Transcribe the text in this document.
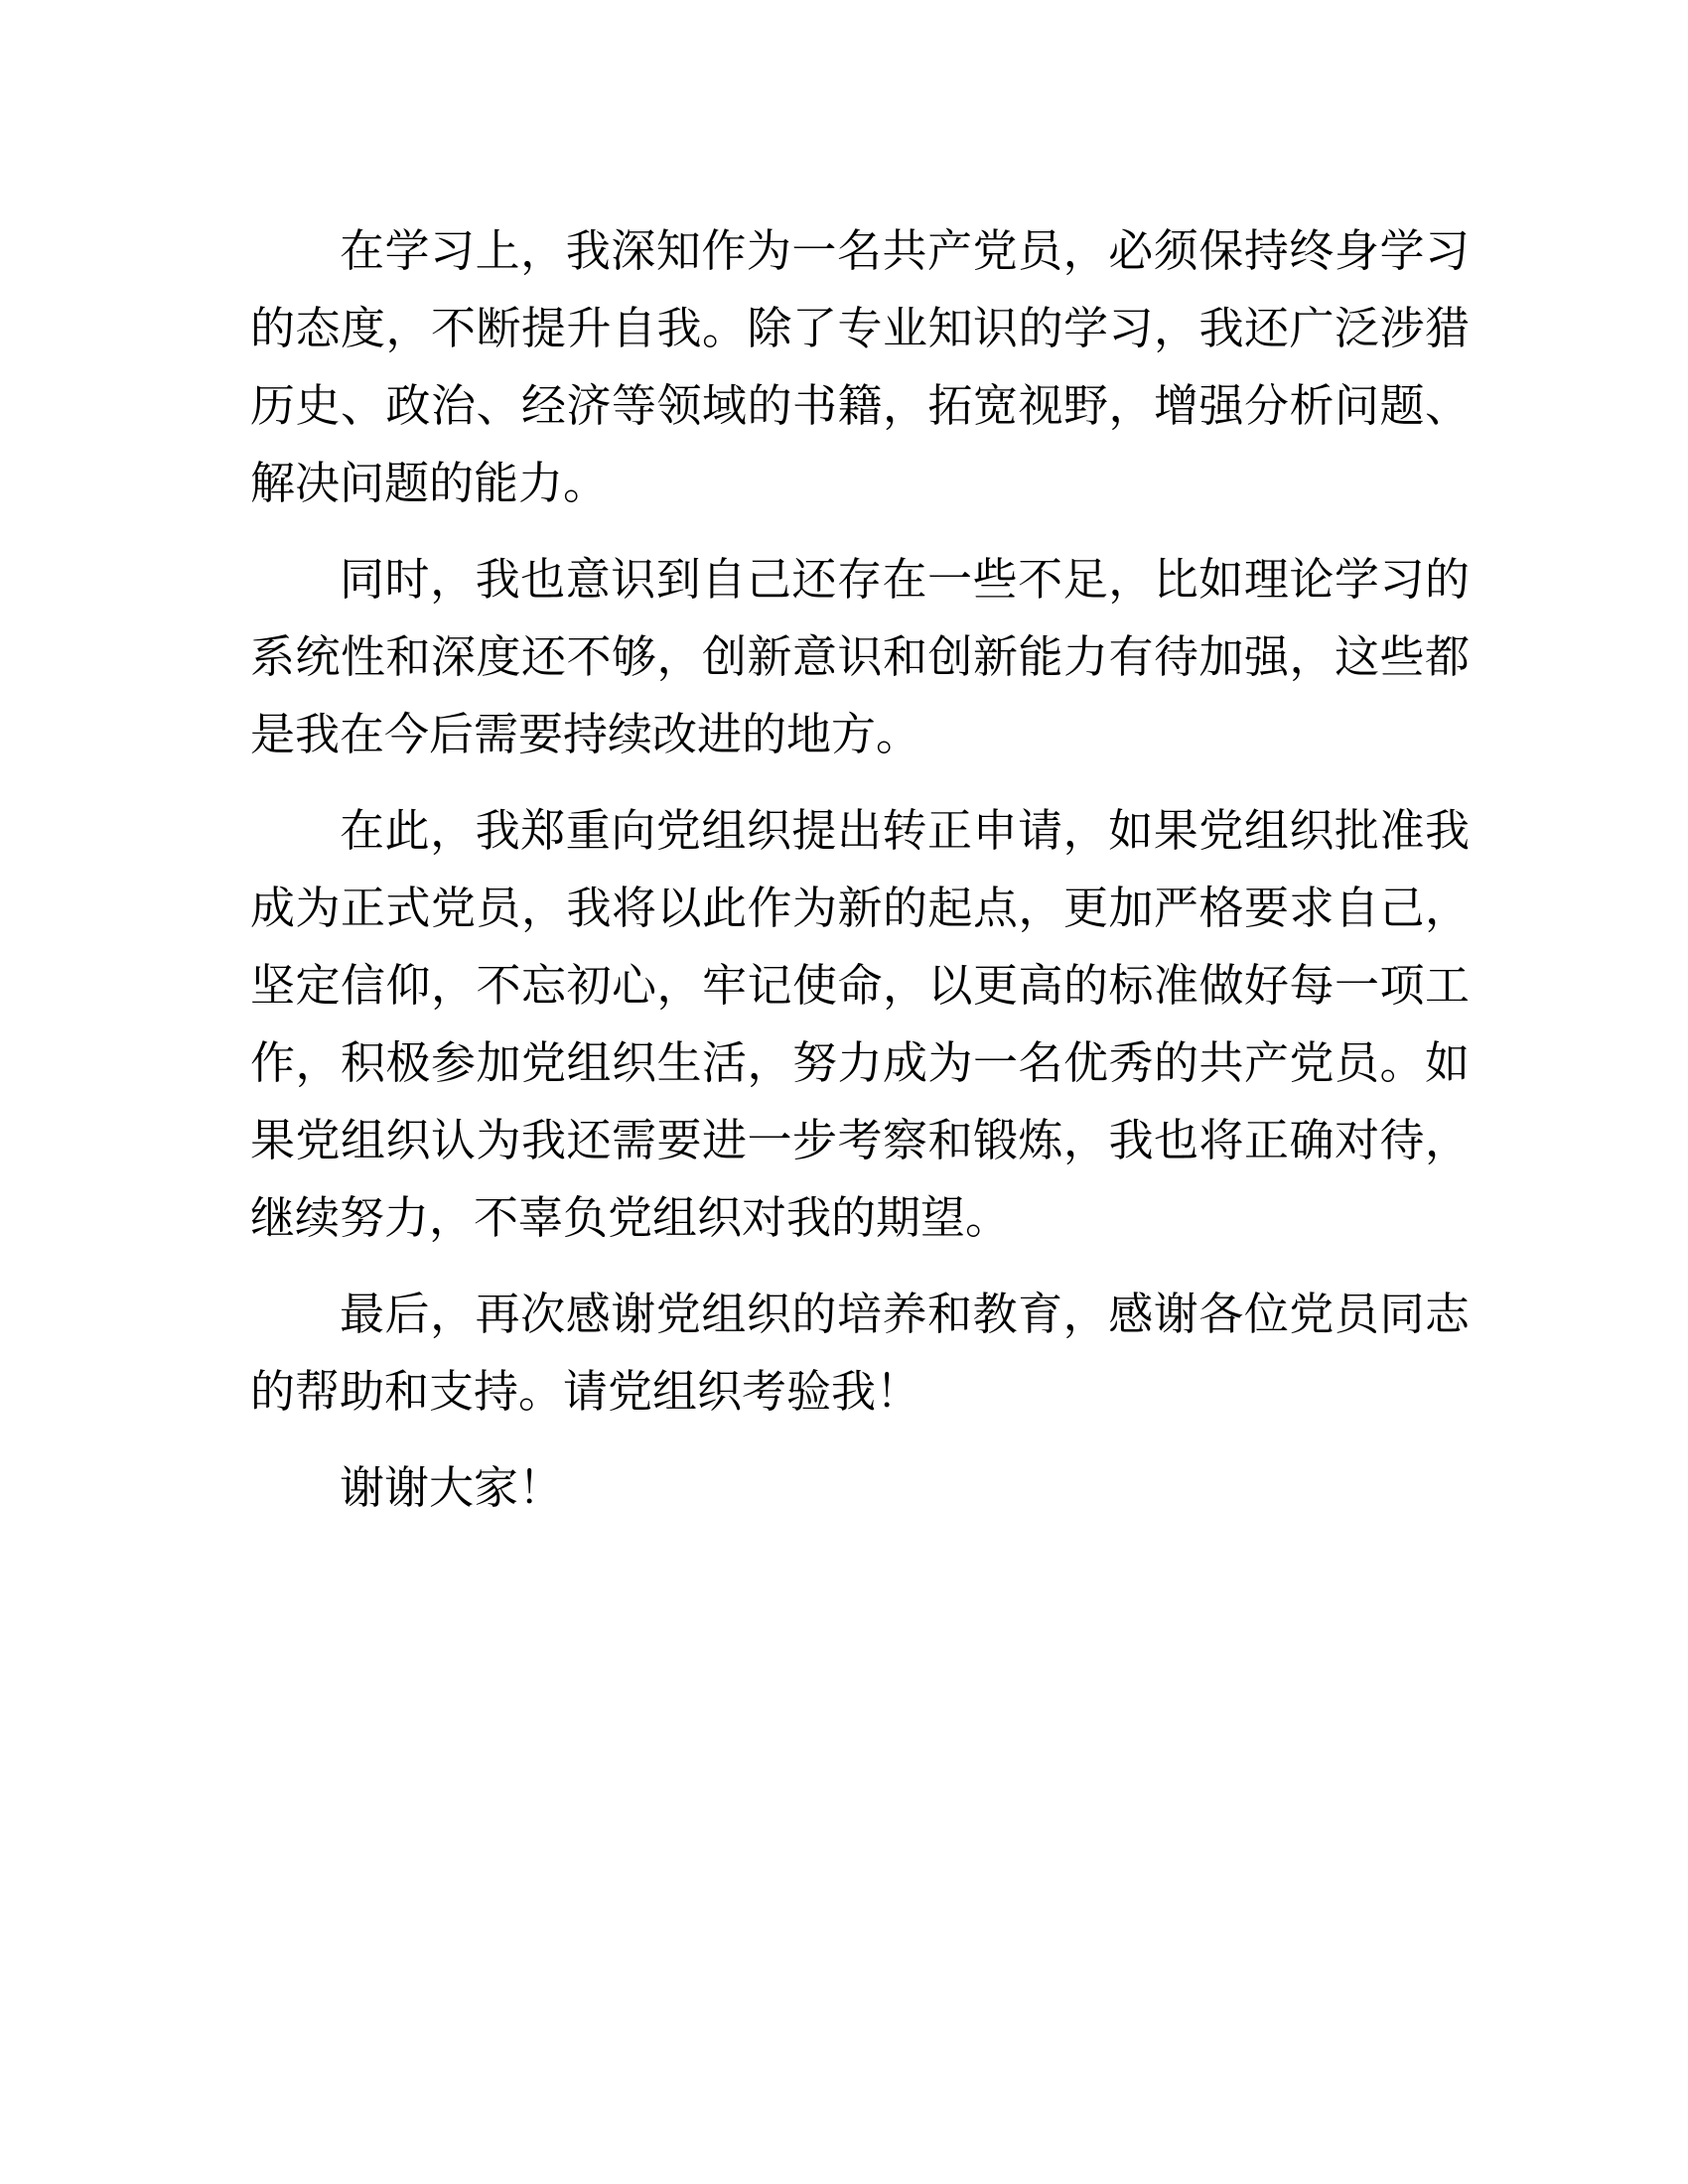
在学习上，我深知作为一名共产党员，必须保持终身学习
的态度，不断提升自我。除了专业知识的学习，我还广泛涉猎
历史、政治、经济等领域的书籍，拓宽视野，增强分析问题、
解决问题的能力。
同时，我也意识到自己还存在一些不足，比如理论学习的
系统性和深度还不够，创新意识和创新能力有待加强，这些都
是我在今后需要持续改进的地方。
在此，我郑重向党组织提出转正申请，如果党组织批准我
成为正式党员，我将以此作为新的起点，更加严格要求自己，
坚定信仰，不忘初心，牢记使命，以更高的标准做好每一项工
作，积极参加党组织生活，努力成为一名优秀的共产党员。如
果党组织认为我还需要进一步考察和锻炼，我也将正确对待，
继续努力，不辜负党组织对我的期望。
最后，再次感谢党组织的培养和教育，感谢各位党员同志
的帮助和支持。请党组织考验我！
谢谢大家！
